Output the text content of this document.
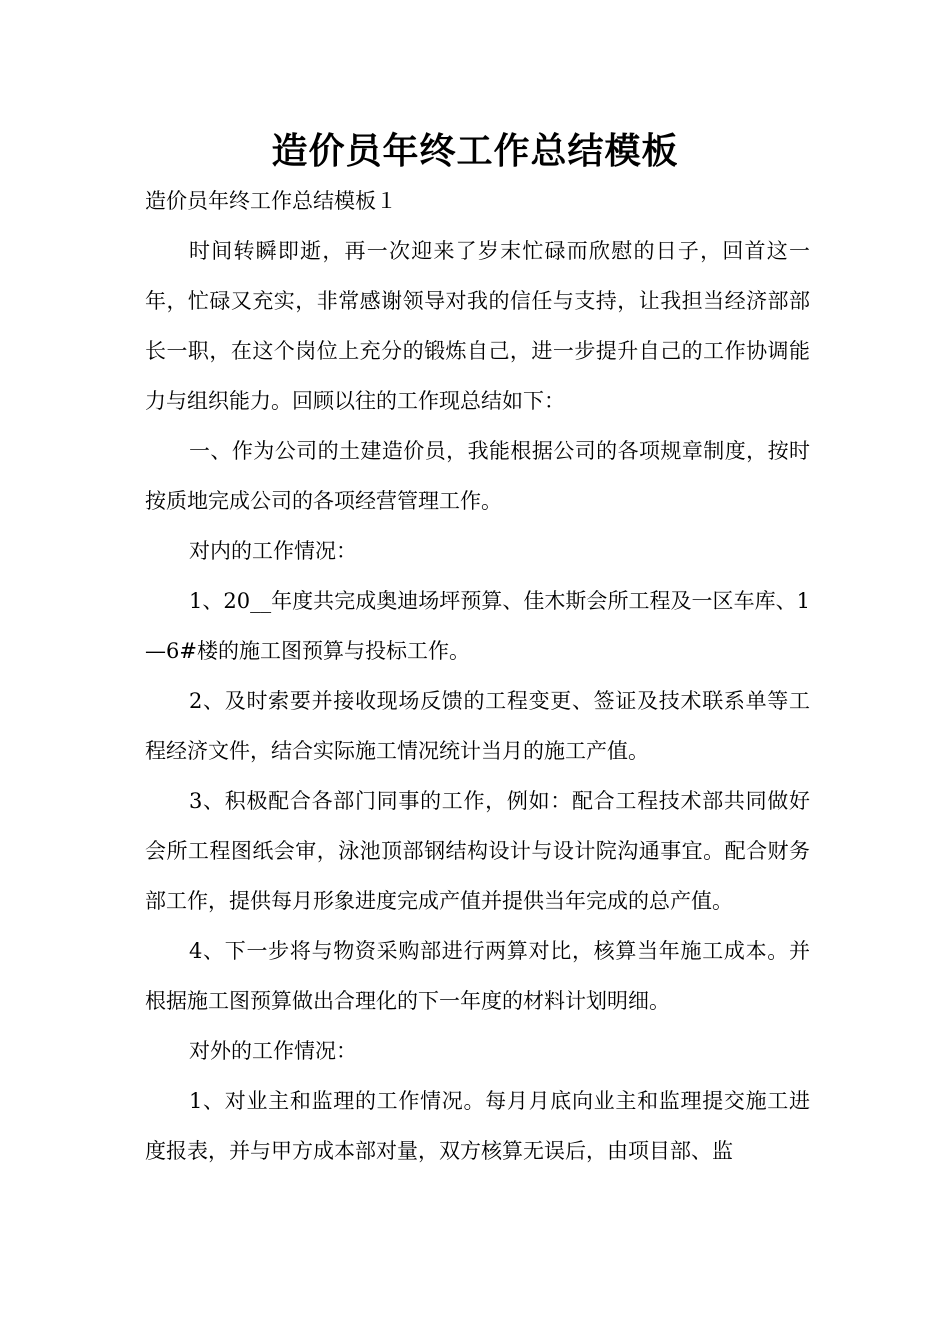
造价员年终工作总结模板

造价员年终工作总结模板１

时间转瞬即逝，再一次迎来了岁末忙碌而欣慰的日子，回首这一年，忙碌又充实，非常感谢领导对我的信任与支持，让我担当经济部部长一职，在这个岗位上充分的锻炼自己，进一步提升自己的工作协调能力与组织能力。回顾以往的工作现总结如下：

一、作为公司的土建造价员，我能根据公司的各项规章制度，按时按质地完成公司的各项经营管理工作。

对内的工作情况：

1、20__年度共完成奥迪场坪预算、佳木斯会所工程及一区车库、1—6#楼的施工图预算与投标工作。

2、及时索要并接收现场反馈的工程变更、签证及技术联系单等工程经济文件，结合实际施工情况统计当月的施工产值。

3、积极配合各部门同事的工作，例如：配合工程技术部共同做好会所工程图纸会审，泳池顶部钢结构设计与设计院沟通事宜。配合财务部工作，提供每月形象进度完成产值并提供当年完成的总产值。

4、下一步将与物资采购部进行两算对比，核算当年施工成本。并根据施工图预算做出合理化的下一年度的材料计划明细。

对外的工作情况：

1、对业主和监理的工作情况。每月月底向业主和监理提交施工进度报表，并与甲方成本部对量，双方核算无误后，由项目部、监
